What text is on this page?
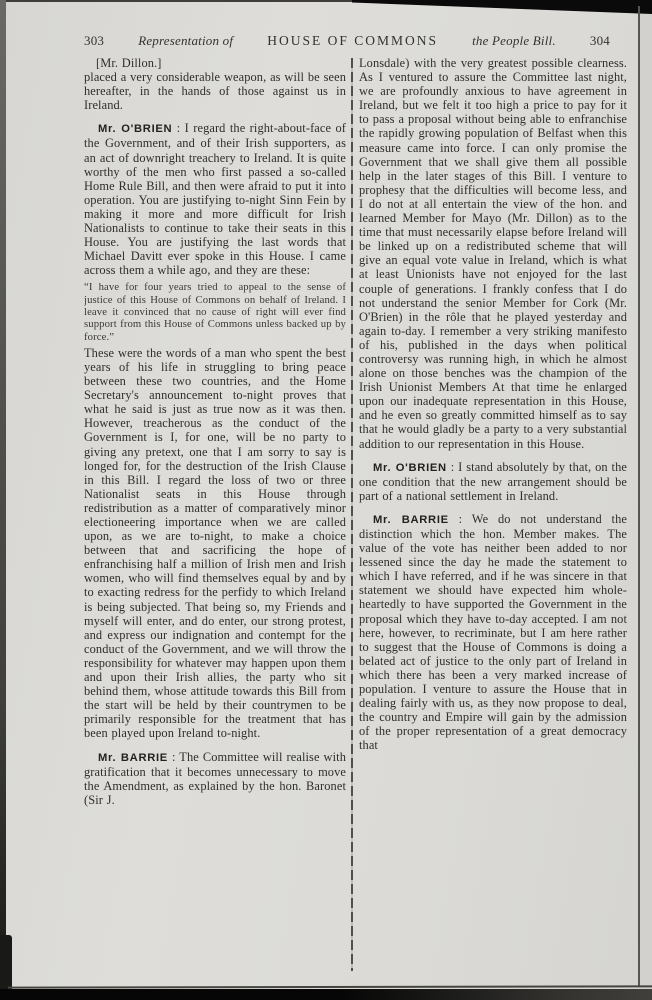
303	Representation of	HOUSE OF COMMONS	the People Bill.	304

[Mr. Dillon.]

placed a very considerable weapon, as will be seen hereafter, in the hands of those against us in Ireland.

Mr. O'BRIEN : I regard the right-about-face of the Government, and of their Irish supporters, as an act of downright treachery to Ireland. It is quite worthy of the men who first passed a so-called Home Rule Bill, and then were afraid to put it into operation. You are justifying to-night Sinn Fein by making it more and more difficult for Irish Nationalists to continue to take their seats in this House. You are justifying the last words that Michael Davitt ever spoke in this House. I came across them a while ago, and they are these:

“I have for four years tried to appeal to the sense of justice of this House of Commons on behalf of Ireland. I leave it convinced that no cause of right will ever find support from this House of Commons unless backed up by force.”

These were the words of a man who spent the best years of his life in struggling to bring peace between these two countries, and the Home Secretary's announcement to-night proves that what he said is just as true now as it was then. However, treacherous as the conduct of the Government is I, for one, will be no party to giving any pretext, one that I am sorry to say is longed for, for the destruction of the Irish Clause in this Bill. I regard the loss of two or three Nationalist seats in this House through redistribution as a matter of comparatively minor electioneering importance when we are called upon, as we are to-night, to make a choice between that and sacrificing the hope of enfranchising half a million of Irish men and Irish women, who will find themselves equal by and by to exacting redress for the perfidy to which Ireland is being subjected. That being so, my Friends and myself will enter, and do enter, our strong protest, and express our indignation and contempt for the conduct of the Government, and we will throw the responsibility for whatever may happen upon them and upon their Irish allies, the party who sit behind them, whose attitude towards this Bill from the start will be held by their countrymen to be primarily responsible for the treatment that has been played upon Ireland to-night.

Mr. BARRIE : The Committee will realise with gratification that it becomes unnecessary to move the Amendment, as explained by the hon. Baronet (Sir J.

Lonsdale) with the very greatest possible clearness. As I ventured to assure the Committee last night, we are profoundly anxious to have agreement in Ireland, but we felt it too high a price to pay for it to pass a proposal without being able to enfranchise the rapidly growing population of Belfast when this measure came into force. I can only promise the Government that we shall give them all possible help in the later stages of this Bill. I venture to prophesy that the difficulties will become less, and I do not at all entertain the view of the hon. and learned Member for Mayo (Mr. Dillon) as to the time that must necessarily elapse before Ireland will be linked up on a redistributed scheme that will give an equal vote value in Ireland, which is what at least Unionists have not enjoyed for the last couple of generations. I frankly confess that I do not understand the senior Member for Cork (Mr. O'Brien) in the rôle that he played yesterday and again to-day. I remember a very striking manifesto of his, published in the days when political controversy was running high, in which he almost alone on those benches was the champion of the Irish Unionist Members At that time he enlarged upon our inadequate representation in this House, and he even so greatly committed himself as to say that he would gladly be a party to a very substantial addition to our representation in this House.

Mr. O'BRIEN : I stand absolutely by that, on the one condition that the new arrangement should be part of a national settlement in Ireland.

Mr. BARRIE : We do not understand the distinction which the hon. Member makes. The value of the vote has neither been added to nor lessened since the day he made the statement to which I have referred, and if he was sincere in that statement we should have expected him whole-heartedly to have supported the Government in the proposal which they have to-day accepted. I am not here, however, to recriminate, but I am here rather to suggest that the House of Commons is doing a belated act of justice to the only part of Ireland in which there has been a very marked increase of population. I venture to assure the House that in dealing fairly with us, as they now propose to deal, the country and Empire will gain by the admission of the proper representation of a great democracy that
